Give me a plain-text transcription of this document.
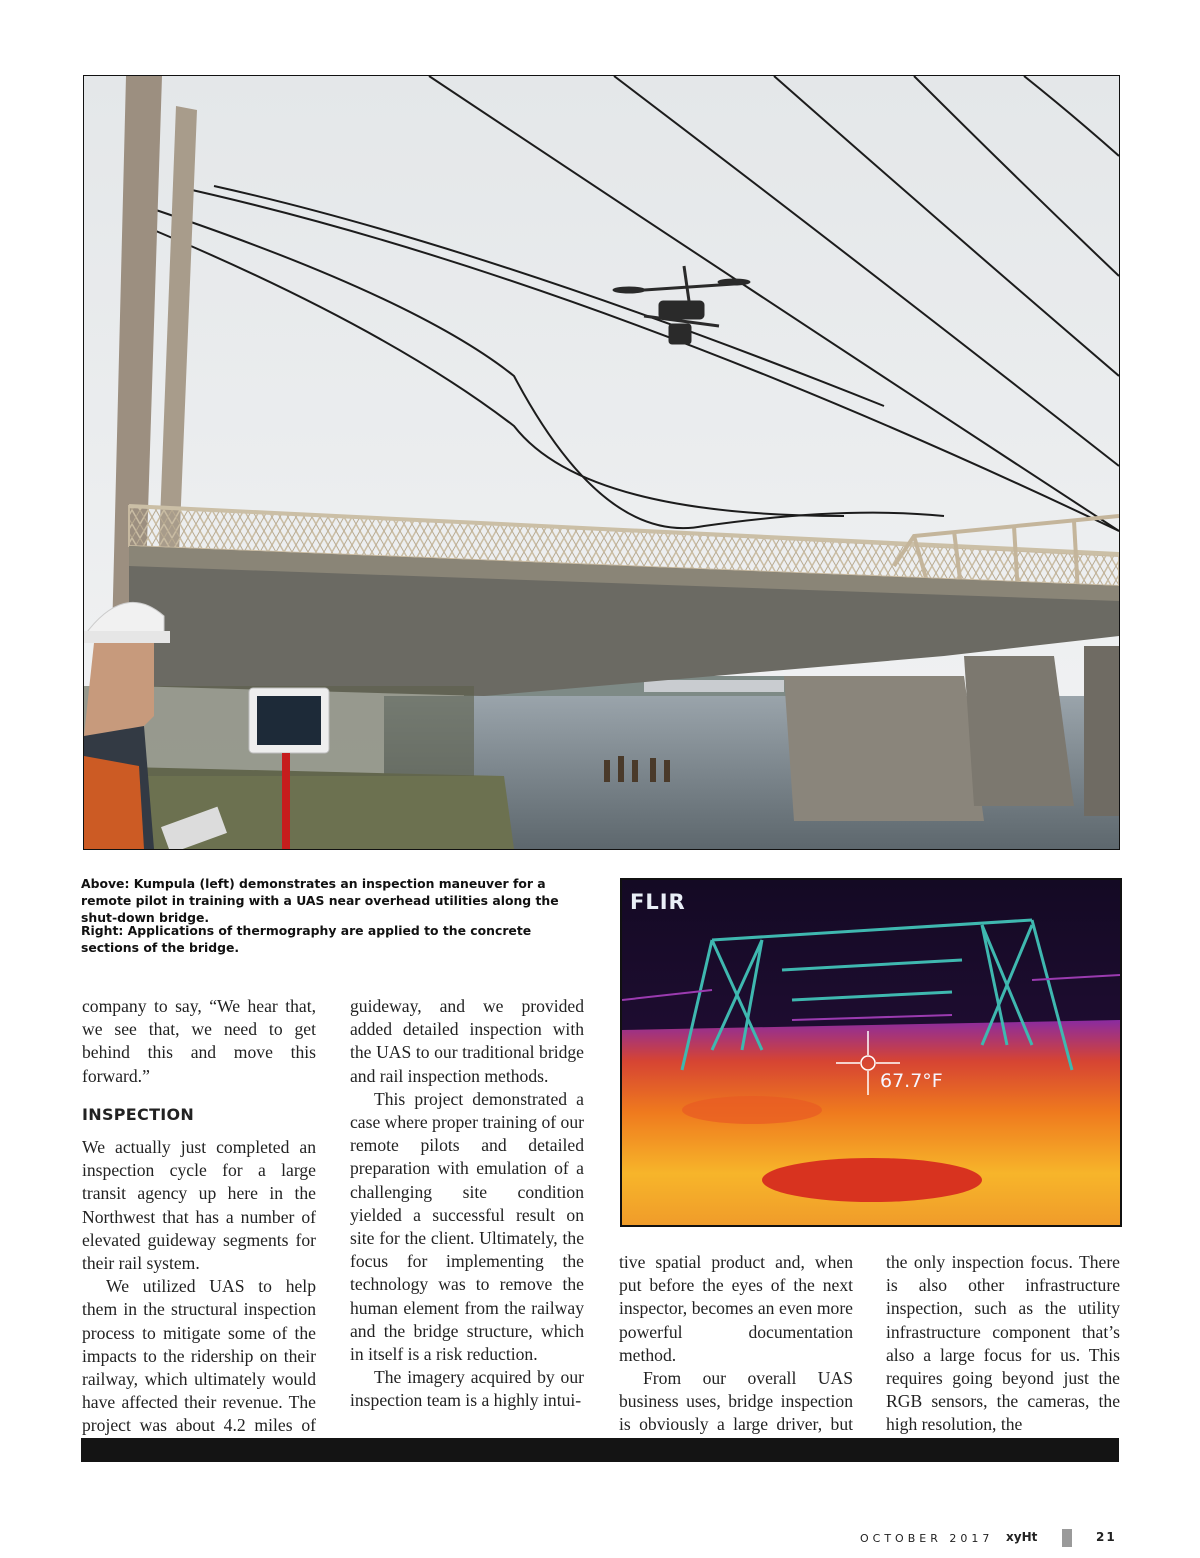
Above: Kumpula (left) demonstrates an inspection maneuver for a remote pilot in training with a UAS near overhead utilities along the shut-down bridge.
Right: Applications of thermography are applied to the concrete sections of the bridge.
FLIR
67.7°F

company to say, “We hear that, we see that, we need to get behind this and move this forward.”

INSPECTION

We actually just completed an inspection cycle for a large transit agency up here in the Northwest that has a number of elevated guideway segments for their rail system.

We utilized UAS to help them in the structural inspection process to mitigate some of the impacts to the ridership on their railway, which ultimately would have affected their revenue. The project was about 4.2 miles of

guideway, and we provided added detailed inspection with the UAS to our traditional bridge and rail inspection methods.

This project demonstrated a case where proper training of our remote pilots and detailed preparation with emulation of a challenging site condition yielded a successful result on site for the client. Ultimately, the focus for implementing the technology was to remove the human element from the railway and the bridge structure, which in itself is a risk reduction.

The imagery acquired by our inspection team is a highly intui-

tive spatial product and, when put before the eyes of the next inspector, becomes an even more powerful documentation method.

From our overall UAS business uses, bridge inspection is obviously a large driver, but

the only inspection focus. There is also other infrastructure inspection, such as the utility infrastructure component that’s also a large focus for us. This requires going beyond just the RGB sensors, the cameras, the high resolution, the

OCTOBER 2017 xyHt	21
